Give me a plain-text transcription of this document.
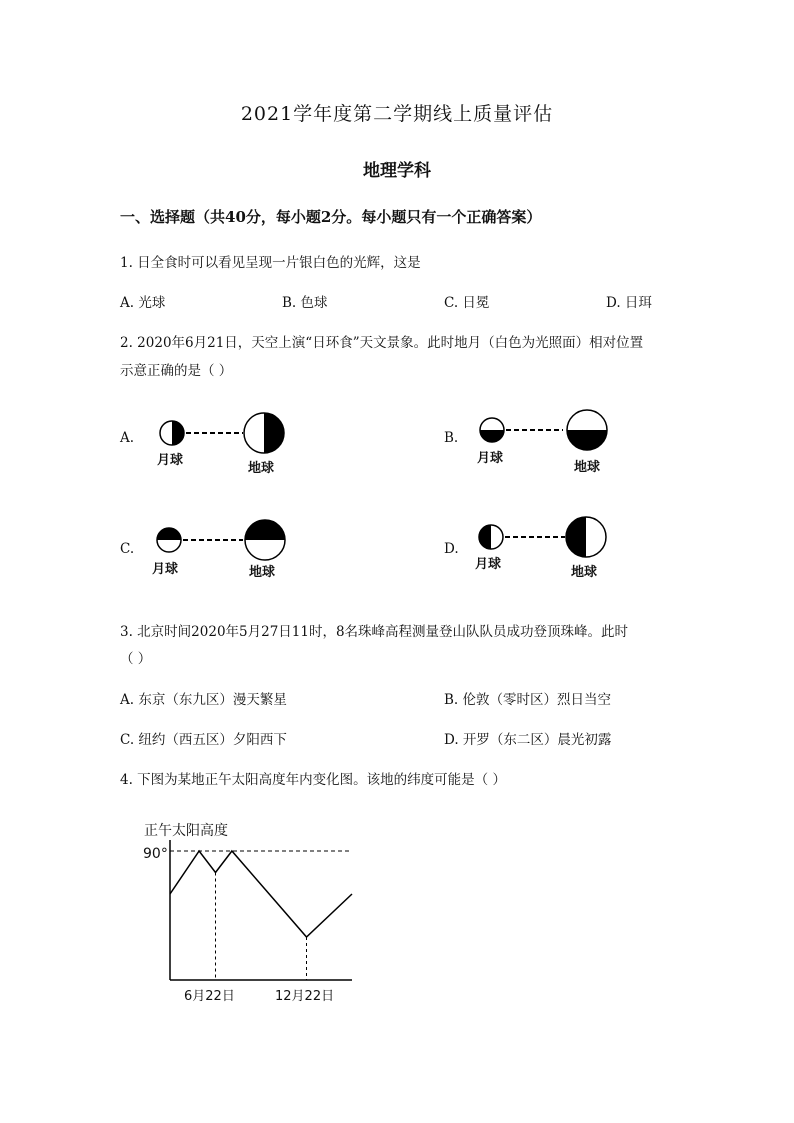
2021学年度第二学期线上质量评估
地理学科
一、选择题（共40分，每小题2分。每小题只有一个正确答案）
1. 日全食时可以看见呈现一片银白色的光辉，这是
A. 光球	B. 色球	C. 日冕	D. 日珥
2. 2020年6月21日，天空上演“日环食”天文景象。此时地月（白色为光照面）相对位置
示意正确的是（ ）
A.
月球
地球
B.
月球
地球
C.
月球	地球
D.
月球
地球
3. 北京时间2020年5月27日11时，8名珠峰高程测量登山队队员成功登顶珠峰。此时
（ ）
A. 东京（东九区）漫天繁星	B. 伦敦（零时区）烈日当空
C. 纽约（西五区）夕阳西下	D. 开罗（东二区）晨光初露
4. 下图为某地正午太阳高度年内变化图。该地的纬度可能是（ ）
正午太阳高度
90°
6月22日	12月22日
